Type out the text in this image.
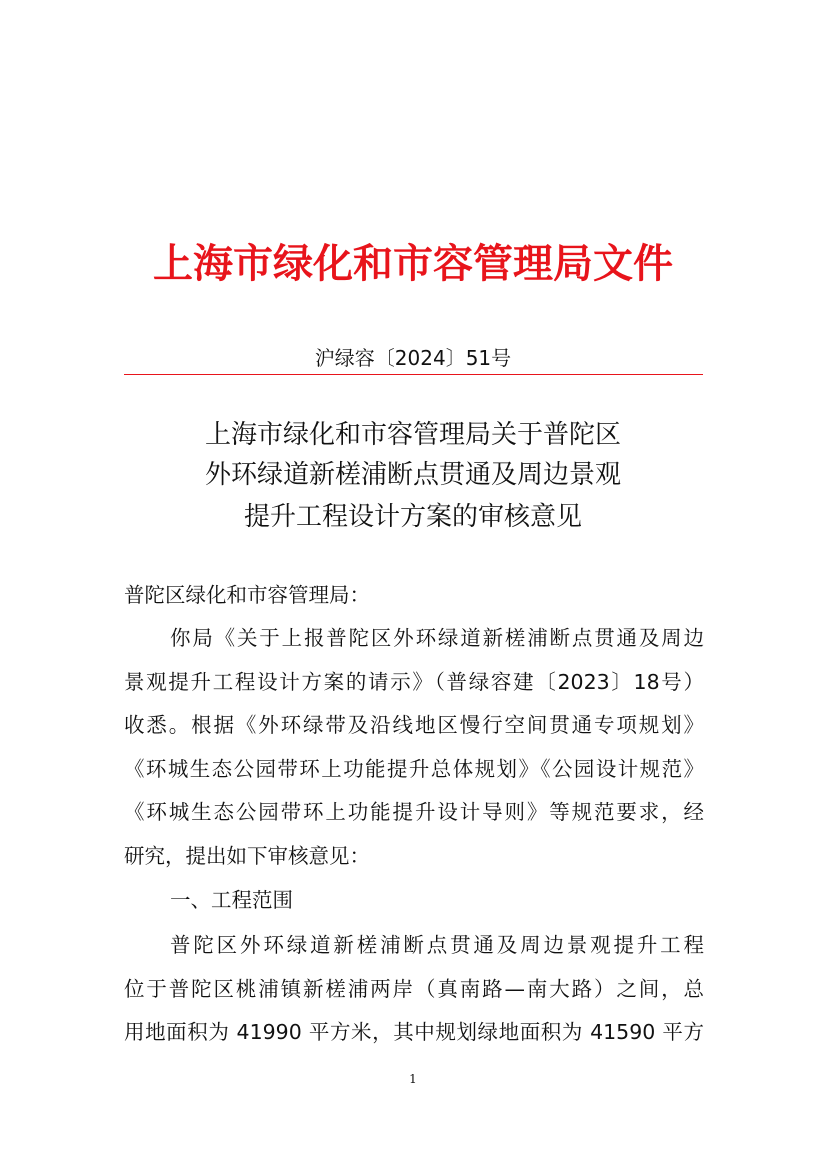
上海市绿化和市容管理局文件
沪绿容〔2024〕51号
上海市绿化和市容管理局关于普陀区
外环绿道新槎浦断点贯通及周边景观
提升工程设计方案的审核意见
普陀区绿化和市容管理局：
你局《关于上报普陀区外环绿道新槎浦断点贯通及周边
景观提升工程设计方案的请示》（普绿容建〔2023〕18号）
收悉。根据《外环绿带及沿线地区慢行空间贯通专项规划》
《环城生态公园带环上功能提升总体规划》《公园设计规范》
《环城生态公园带环上功能提升设计导则》等规范要求，经
研究，提出如下审核意见：
一、工程范围
普陀区外环绿道新槎浦断点贯通及周边景观提升工程
位于普陀区桃浦镇新槎浦两岸（真南路—南大路）之间，总
用地面积为 41990 平方米，其中规划绿地面积为 41590 平方
1
